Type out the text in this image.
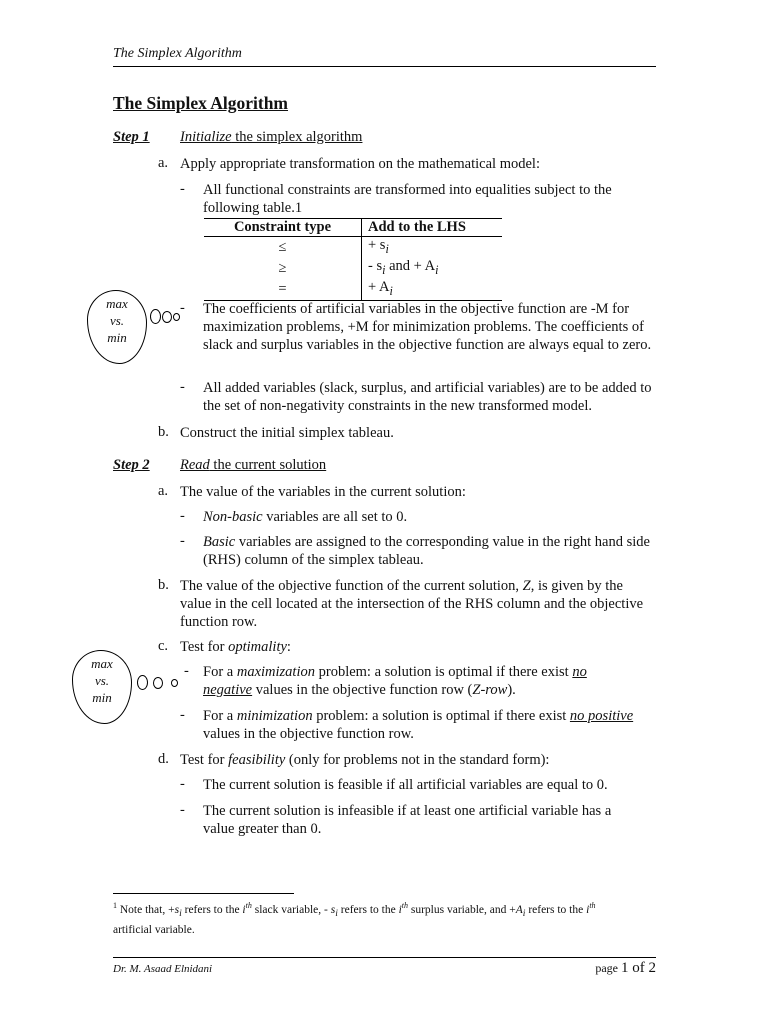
The Simplex Algorithm
The Simplex Algorithm
Step 1 Initialize the simplex algorithm
a. Apply appropriate transformation on the mathematical model:
- All functional constraints are transformed into equalities subject to the
following table.1
Constraint type	Add to the LHS
≤	+ $s_i$
≥	- $s_i$ and + $A_i$
=	+ $A_i$
max
vs.
min
- The coefficients of artificial variables in the objective function are -M for maximization problems, +M for minimization problems. The coefficients of slack and surplus variables in the objective function are always equal to zero.
- All added variables (slack, surplus, and artificial variables) are to be added to the set of non-negativity constraints in the new transformed model.
b. Construct the initial simplex tableau.
Step 2 Read the current solution
a. The value of the variables in the current solution:
- Non-basic variables are all set to 0.
- Basic variables are assigned to the corresponding value in the right hand side (RHS) column of the simplex tableau.
b. The value of the objective function of the current solution, Z, is given by the value in the cell located at the intersection of the RHS column and the objective function row.
c. Test for optimality:
max
vs.
min
- For a maximization problem: a solution is optimal if there exist no negative values in the objective function row (Z-row).
- For a minimization problem: a solution is optimal if there exist no positive values in the objective function row.
d. Test for feasibility (only for problems not in the standard form):
- The current solution is feasible if all artificial variables are equal to 0.
- The current solution is infeasible if at least one artificial variable has a value greater than 0.
$^1$ Note that, $+s_i$ refers to the $i^{th}$ slack variable, - $s_i$ refers to the $i^{th}$ surplus variable, and $+A_i$ refers to the $i^{th}$
artificial variable.
Dr. M. Asaad Elnidani	page 1 of 2
